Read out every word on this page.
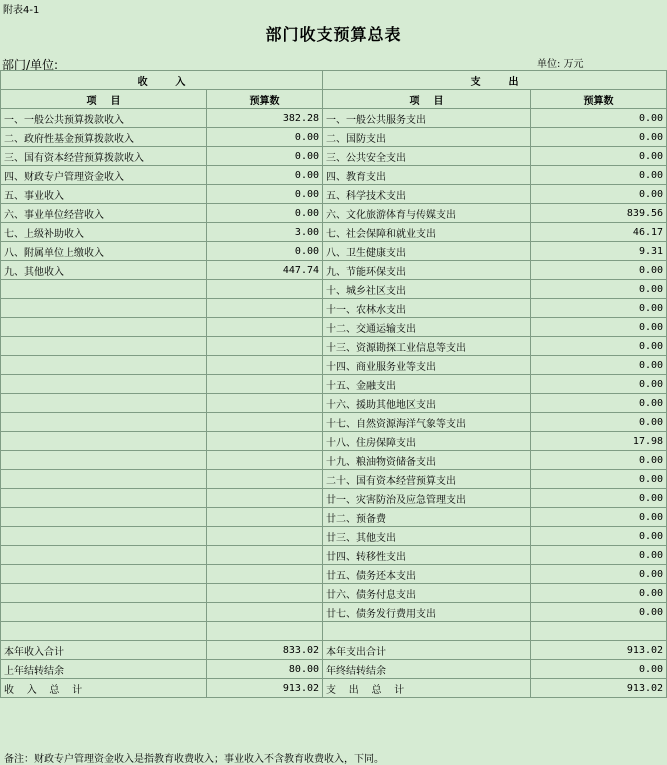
附表4-1
部门收支预算总表
部门/单位:	单位: 万元
收        入		支        出	
项    目	预算数	项    目	预算数
一、一般公共预算拨款收入	382.28	一、一般公共服务支出	0.00
二、政府性基金预算拨款收入	0.00	二、国防支出	0.00
三、国有资本经营预算拨款收入	0.00	三、公共安全支出	0.00
四、财政专户管理资金收入	0.00	四、教育支出	0.00
五、事业收入	0.00	五、科学技术支出	0.00
六、事业单位经营收入	0.00	六、文化旅游体育与传媒支出	839.56
七、上级补助收入	3.00	七、社会保障和就业支出	46.17
八、附属单位上缴收入	0.00	八、卫生健康支出	9.31
九、其他收入	447.74	九、节能环保支出	0.00
		十、城乡社区支出	0.00
		十一、农林水支出	0.00
		十二、交通运输支出	0.00
		十三、资源勘探工业信息等支出	0.00
		十四、商业服务业等支出	0.00
		十五、金融支出	0.00
		十六、援助其他地区支出	0.00
		十七、自然资源海洋气象等支出	0.00
		十八、住房保障支出	17.98
		十九、粮油物资储备支出	0.00
		二十、国有资本经营预算支出	0.00
		廿一、灾害防治及应急管理支出	0.00
		廿二、预备费	0.00
		廿三、其他支出	0.00
		廿四、转移性支出	0.00
		廿五、债务还本支出	0.00
		廿六、债务付息支出	0.00
		廿七、债务发行费用支出	0.00

本年收入合计	833.02	本年支出合计	913.02
上年结转结余	80.00	年终结转结余	0.00
收    入    总    计	913.02	支    出    总    计	913.02
备注：财政专户管理资金收入是指教育收费收入；事业收入不含教育收费收入，下同。
